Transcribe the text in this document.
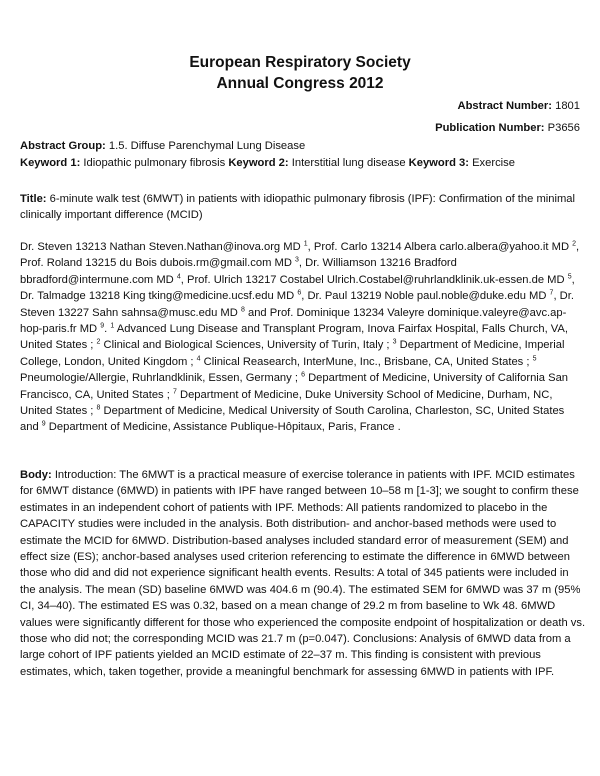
European Respiratory Society
Annual Congress 2012
Abstract Number: 1801
Publication Number: P3656
Abstract Group: 1.5. Diffuse Parenchymal Lung Disease
Keyword 1: Idiopathic pulmonary fibrosis Keyword 2: Interstitial lung disease Keyword 3: Exercise
Title: 6-minute walk test (6MWT) in patients with idiopathic pulmonary fibrosis (IPF): Confirmation of the minimal clinically important difference (MCID)
Dr. Steven 13213 Nathan Steven.Nathan@inova.org MD $^1$, Prof. Carlo 13214 Albera carlo.albera@yahoo.it MD $^2$, Prof. Roland 13215 du Bois dubois.rm@gmail.com MD $^3$, Dr. Williamson 13216 Bradford bbradford@intermune.com MD $^4$, Prof. Ulrich 13217 Costabel Ulrich.Costabel@ruhrlandklinik.uk-essen.de MD $^5$, Dr. Talmadge 13218 King tking@medicine.ucsf.edu MD $^6$, Dr. Paul 13219 Noble paul.noble@duke.edu MD $^7$, Dr. Steven 13227 Sahn sahnsa@musc.edu MD $^8$ and Prof. Dominique 13234 Valeyre dominique.valeyre@avc.ap-hop-paris.fr MD $^9$. $^1$ Advanced Lung Disease and Transplant Program, Inova Fairfax Hospital, Falls Church, VA, United States ; $^2$ Clinical and Biological Sciences, University of Turin, Italy ; $^3$ Department of Medicine, Imperial College, London, United Kingdom ; $^4$ Clinical Reasearch, InterMune, Inc., Brisbane, CA, United States ; $^5$ Pneumologie/Allergie, Ruhrlandklinik, Essen, Germany ; $^6$ Department of Medicine, University of California San Francisco, CA, United States ; $^7$ Department of Medicine, Duke University School of Medicine, Durham, NC, United States ; $^8$ Department of Medicine, Medical University of South Carolina, Charleston, SC, United States and $^9$ Department of Medicine, Assistance Publique-Hôpitaux, Paris, France .
Body: Introduction: The 6MWT is a practical measure of exercise tolerance in patients with IPF. MCID estimates for 6MWT distance (6MWD) in patients with IPF have ranged between 10–58 m [1-3]; we sought to confirm these estimates in an independent cohort of patients with IPF. Methods: All patients randomized to placebo in the CAPACITY studies were included in the analysis. Both distribution- and anchor-based methods were used to estimate the MCID for 6MWD. Distribution-based analyses included standard error of measurement (SEM) and effect size (ES); anchor-based analyses used criterion referencing to estimate the difference in 6MWD between those who did and did not experience significant health events. Results: A total of 345 patients were included in the analysis. The mean (SD) baseline 6MWD was 404.6 m (90.4). The estimated SEM for 6MWD was 37 m (95% CI, 34–40). The estimated ES was 0.32, based on a mean change of 29.2 m from baseline to Wk 48. 6MWD values were significantly different for those who experienced the composite endpoint of hospitalization or death vs. those who did not; the corresponding MCID was 21.7 m (p=0.047). Conclusions: Analysis of 6MWD data from a large cohort of IPF patients yielded an MCID estimate of 22–37 m. This finding is consistent with previous estimates, which, taken together, provide a meaningful benchmark for assessing 6MWD in patients with IPF.
